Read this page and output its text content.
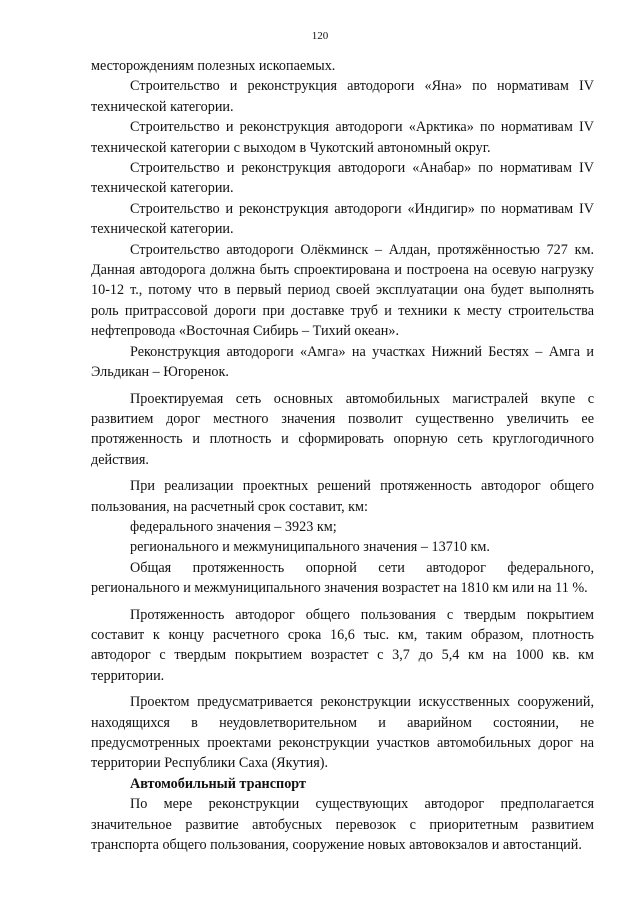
120

месторождениям полезных ископаемых.

Строительство и реконструкция автодороги «Яна» по нормативам IV технической категории.

Строительство и реконструкция автодороги «Арктика» по нормативам IV технической категории с выходом в Чукотский автономный округ.

Строительство и реконструкция автодороги «Анабар» по нормативам IV технической категории.

Строительство и реконструкция автодороги «Индигир» по нормативам IV технической категории.

Строительство автодороги Олёкминск – Алдан, протяжённостью 727 км. Данная автодорога должна быть спроектирована и построена на осевую нагрузку 10-12 т., потому что в первый период своей эксплуатации она будет выполнять роль притрассовой дороги при доставке труб и техники к месту строительства нефтепровода «Восточная Сибирь – Тихий океан».

Реконструкция автодороги «Амга» на участках Нижний Бестях – Амга и Эльдикан – Югоренок.

Проектируемая сеть основных автомобильных магистралей вкупе с развитием дорог местного значения позволит существенно увеличить ее протяженность и плотность и сформировать опорную сеть круглогодичного действия.

При реализации проектных решений протяженность автодорог общего пользования, на расчетный срок составит, км:

федерального значения – 3923 км;

регионального и межмуниципального значения – 13710 км.

Общая протяженность опорной сети автодорог федерального, регионального и межмуниципального значения возрастет на 1810 км или на 11 %.

Протяженность автодорог общего пользования с твердым покрытием составит к концу расчетного срока 16,6 тыс. км, таким образом, плотность автодорог с твердым покрытием возрастет с 3,7 до 5,4 км на 1000 кв. км территории.

Проектом предусматривается реконструкции искусственных сооружений, находящихся в неудовлетворительном и аварийном состоянии, не предусмотренных проектами реконструкции участков автомобильных дорог на территории Республики Саха (Якутия).

Автомобильный транспорт

По мере реконструкции существующих автодорог предполагается значительное развитие автобусных перевозок с приоритетным развитием транспорта общего пользования, сооружение новых автовокзалов и автостанций.
